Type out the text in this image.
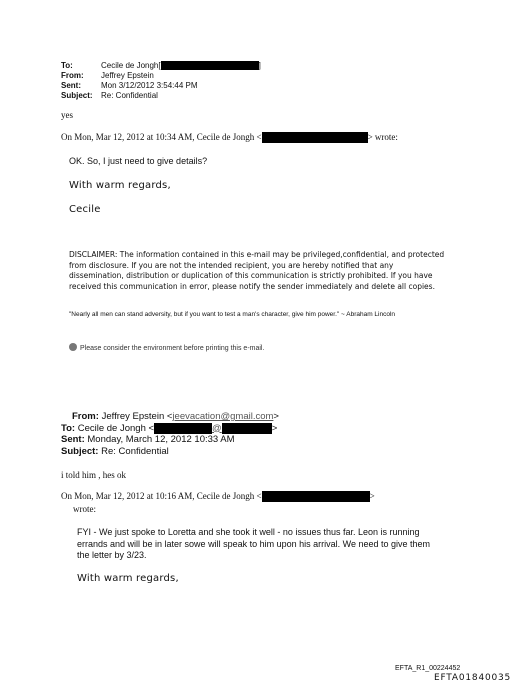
To:	Cecile de Jongh[	]
From: Jeffrey Epstein
Sent:	Mon 3/12/2012 3:54:44 PM
Subject: Re: Confidential
yes
On Mon, Mar 12, 2012 at 10:34 AM, Cecile de Jongh <	> wrote:
OK. So, I just need to give details?
With warm regards,
Cecile
DISCLAIMER: The information contained in this e-mail may be privileged,confidential, and protected from disclosure. If you are not the intended recipient, you are hereby notified that any dissemination, distribution or duplication of this communication is strictly prohibited. If you have received this communication in error, please notify the sender immediately and delete all copies.
"Nearly all men can stand adversity, but if you want to test a man's character, give him power." ~ Abraham Lincoln
Please consider the environment before printing this e-mail.
From: Jeffrey Epstein <jeevacation@gmail.com>
To: Cecile de Jongh <	@	>
Sent: Monday, March 12, 2012 10:33 AM
Subject: Re: Confidential
i told him , hes ok
On Mon, Mar 12, 2012 at 10:16 AM, Cecile de Jongh <	>
wrote:
FYI - We just spoke to Loretta and she took it well - no issues thus far. Leon is running errands and will be in later sowe will speak to him upon his arrival. We need to give them the letter by 3/23.
With warm regards,
EFTA_R1_00224452
EFTA01840035
